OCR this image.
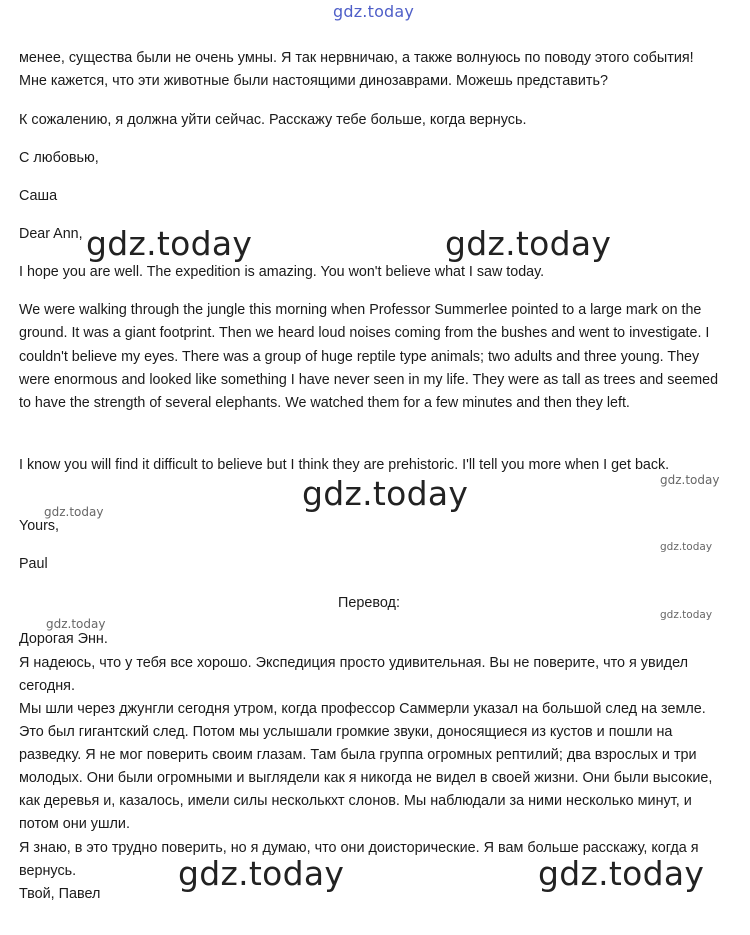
gdz.today

менее, существа были не очень умны. Я так нервничаю, а также волнуюсь по поводу этого события! Мне кажется, что эти животные были настоящими динозаврами. Можешь представить?

К сожалению, я должна уйти сейчас. Расскажу тебе больше, когда вернусь.

С любовью,

Саша

Dear Ann, gdz.today	gdz.today

I hope you are well. The expedition is amazing. You won't believe what I saw today.

We were walking through the jungle this morning when Professor Summerlee pointed to a large mark on the ground. It was a giant footprint. Then we heard loud noises coming from the bushes and went to investigate. I couldn't believe my eyes. There was a group of huge reptile type animals; two adults and three young. They were enormous and looked like something I have never seen in my life. They were as tall as trees and seemed to have the strength of several elephants. We watched them for a few minutes and then they left.

I know you will find it difficult to believe but I think they are prehistoric. I'll tell you more when I get back.

gdz.today
gdz.today
gdz.today

Yours,

gdz.today

Paul

Перевод:

gdz.today
gdz.today

Дорогая Энн.

Я надеюсь, что у тебя все хорошо. Экспедиция просто удивительная. Вы не поверите, что я увидел сегодня.

Мы шли через джунгли сегодня утром, когда профессор Саммерли указал на большой след на земле. Это был гигантский след. Потом мы услышали громкие звуки, доносящиеся из кустов и пошли на разведку. Я не мог поверить своим глазам. Там была группа огромных рептилий; два взрослых и три молодых. Они были огромными и выглядели как я никогда не видел в своей жизни. Они были высокие, как деревья и, казалось, имели силы несколькхт слонов. Мы наблюдали за ними несколько минут, и потом они ушли.

Я знаю, в это трудно поверить, но я думаю, что они доисторические. Я вам больше расскажу, когда я вернусь.	gdz.today	gdz.today

Твой, Павел
